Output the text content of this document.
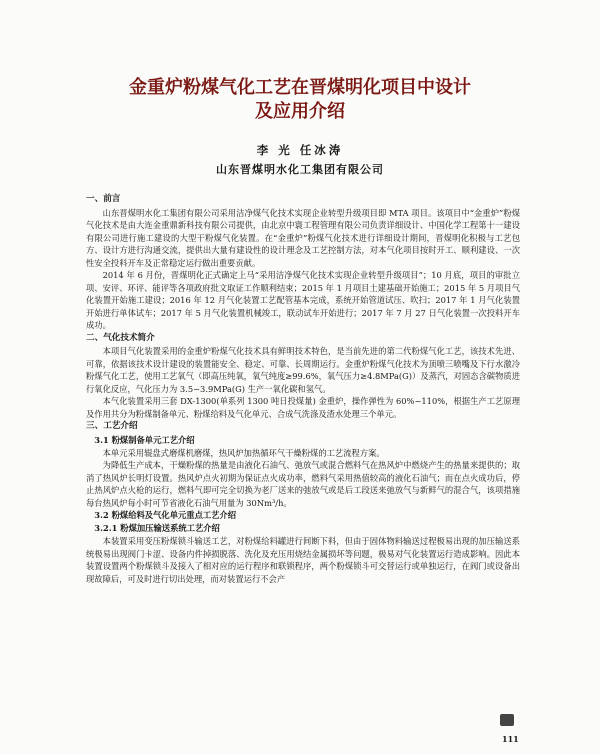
金重炉粉煤气化工艺在晋煤明化项目中设计
及应用介绍
李 光 任冰涛
山东晋煤明水化工集团有限公司
一、前言

山东晋煤明水化工集团有限公司采用洁净煤气化技术实现企业转型升级项目即 MTA 项目。该项目中“金重炉”粉煤气化技术是由大连金重鼎新科技有限公司提供，由北京中寰工程管理有限公司负责详细设计、中国化学工程第十一建设有限公司进行施工建设的大型干粉煤气化装置。在“金重炉”粉煤气化技术进行详细设计期间，晋煤明化积极与工艺包方、设计方进行沟通交流，提供出大量有建设性的设计理念及工艺控制方法，对本气化项目按时开工、顺利建设、一次性安全投料开车及正常稳定运行做出重要贡献。

2014 年 6 月份，晋煤明化正式确定上马“采用洁净煤气化技术实现企业转型升级项目”；10 月底，项目的审批立项、安评、环评、能评等各项政府批文取证工作顺利结束；2015 年 1 月项目土建基础开始施工；2015 年 5 月项目气化装置开始施工建设；2016 年 12 月气化装置工艺配管基本完成，系统开始管道试压、吹扫；2017 年 1 月气化装置开始进行单体试车；2017 年 5 月气化装置机械竣工，联动试车开始进行；2017 年 7 月 27 日气化装置一次投料开车成功。

二、气化技术简介

本项目气化装置采用的金重炉粉煤气化技术具有鲜明技术特色，是当前先进的第二代粉煤气化工艺，该技术先进、可靠，依据该技术设计建设的装置能安全、稳定、可靠、长周期运行。金重炉粉煤气化技术为顶喷三喷嘴及下行水激冷粉煤气化工艺，使用工艺氧气（即高压纯氧，氧气纯度≥99.6%，氧气压力≥4.8MPa(G)）及蒸汽，对固态含碳物质进行氧化反应，气化压力为 3.5~3.9MPa(G) 生产一氧化碳和氢气。

本气化装置采用三套 DX-1300(单系列 1300 吨日投煤量) 金重炉，操作弹性为 60%~110%，根据生产工艺原理及作用共分为粉煤制备单元、粉煤给料及气化单元、合成气洗涤及渣水处理三个单元。

三、工艺介绍
3.1 粉煤制备单元工艺介绍

本单元采用辊盘式磨煤机磨煤，热风炉加热循环气干燥粉煤的工艺流程方案。

为降低生产成本，干燥粉煤的热量是由液化石油气、弛放气或混合燃料气在热风炉中燃烧产生的热量来提供的；取消了热风炉长明灯设置。热风炉点火初期为保证点火成功率，燃料气采用热值较高的液化石油气；而在点火成功后，停止热风炉点火枪的运行，燃料气即可完全切换为老厂送来的弛放气或是后工段送来弛放气与新鲜气的混合气，该项措施每台热风炉每小时可节省液化石油气用量为 30Nm³/h。

3.2 粉煤给料及气化单元重点工艺介绍
3.2.1 粉煤加压输送系统工艺介绍

本装置采用变压粉煤锁斗输送工艺，对粉煤给料罐进行间断下料，但由于固体物料输送过程极易出现的加压输送系统极易出现阀门卡涩、设备内件掉损脱落、洗化及充压用烧结金属损坏等问题，极易对气化装置运行造成影响。因此本装置设置两个粉煤锁斗及接入了相对应的运行程序和联锁程序，两个粉煤锁斗可交替运行或单独运行，在阀门或设备出现故障后，可及时进行切出处理，而对装置运行不会产

111
